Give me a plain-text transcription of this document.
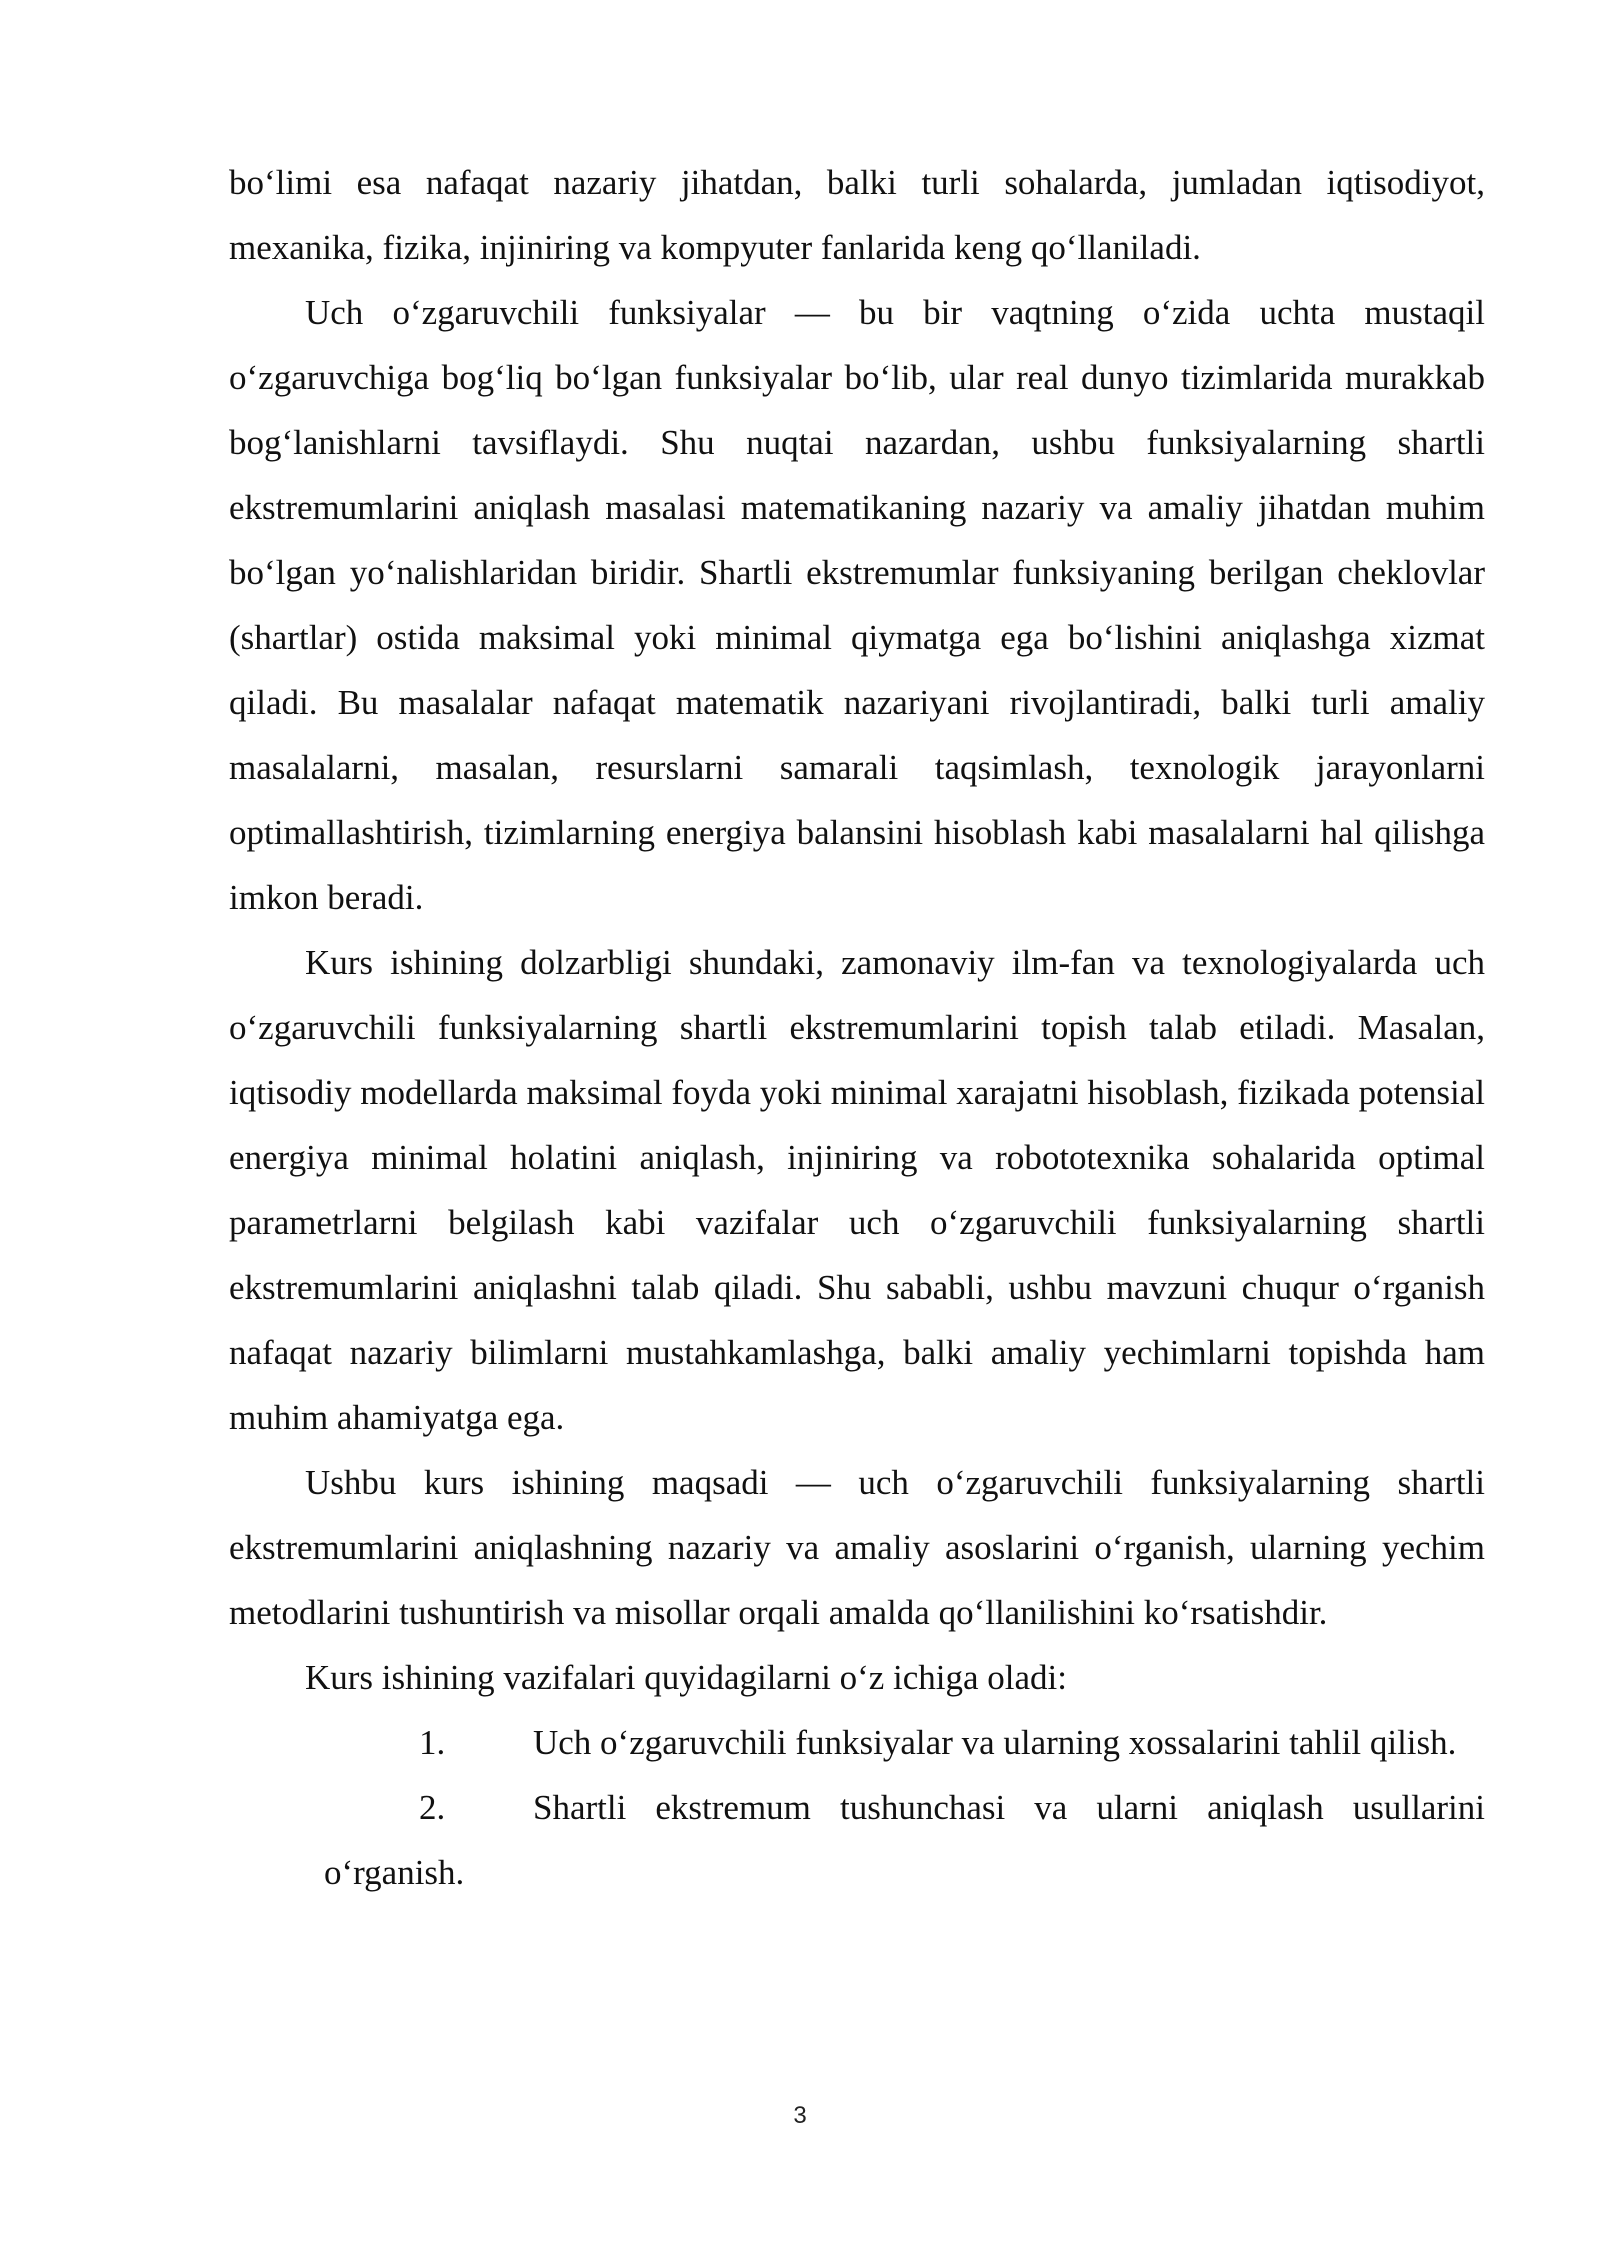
bo‘limi esa nafaqat nazariy jihatdan, balki turli sohalarda, jumladan iqtisodiyot, mexanika, fizika, injiniring va kompyuter fanlarida keng qo‘llaniladi.

Uch o‘zgaruvchili funksiyalar — bu bir vaqtning o‘zida uchta mustaqil o‘zgaruvchiga bog‘liq bo‘lgan funksiyalar bo‘lib, ular real dunyo tizimlarida murakkab bog‘lanishlarni tavsiflaydi. Shu nuqtai nazardan, ushbu funksiyalarning shartli ekstremumlarini aniqlash masalasi matematikaning nazariy va amaliy jihatdan muhim bo‘lgan yo‘nalishlaridan biridir. Shartli ekstremumlar funksiyaning berilgan cheklovlar (shartlar) ostida maksimal yoki minimal qiymatga ega bo‘lishini aniqlashga xizmat qiladi. Bu masalalar nafaqat matematik nazariyani rivojlantiradi, balki turli amaliy masalalarni, masalan, resurslarni samarali taqsimlash, texnologik jarayonlarni optimallashtirish, tizimlarning energiya balansini hisoblash kabi masalalarni hal qilishga imkon beradi.

Kurs ishining dolzarbligi shundaki, zamonaviy ilm-fan va texnologiyalarda uch o‘zgaruvchili funksiyalarning shartli ekstremumlarini topish talab etiladi. Masalan, iqtisodiy modellarda maksimal foyda yoki minimal xarajatni hisoblash, fizikada potensial energiya minimal holatini aniqlash, injiniring va robototexnika sohalarida optimal parametrlarni belgilash kabi vazifalar uch o‘zgaruvchili funksiyalarning shartli ekstremumlarini aniqlashni talab qiladi. Shu sababli, ushbu mavzuni chuqur o‘rganish nafaqat nazariy bilimlarni mustahkamlashga, balki amaliy yechimlarni topishda ham muhim ahamiyatga ega.

Ushbu kurs ishining maqsadi — uch o‘zgaruvchili funksiyalarning shartli ekstremumlarini aniqlashning nazariy va amaliy asoslarini o‘rganish, ularning yechim metodlarini tushuntirish va misollar orqali amalda qo‘llanilishini ko‘rsatishdir.

Kurs ishining vazifalari quyidagilarni o‘z ichiga oladi:

1.	Uch o‘zgaruvchili funksiyalar va ularning xossalarini tahlil qilish.

2.	Shartli ekstremum tushunchasi va ularni aniqlash usullarini o‘rganish.

3
